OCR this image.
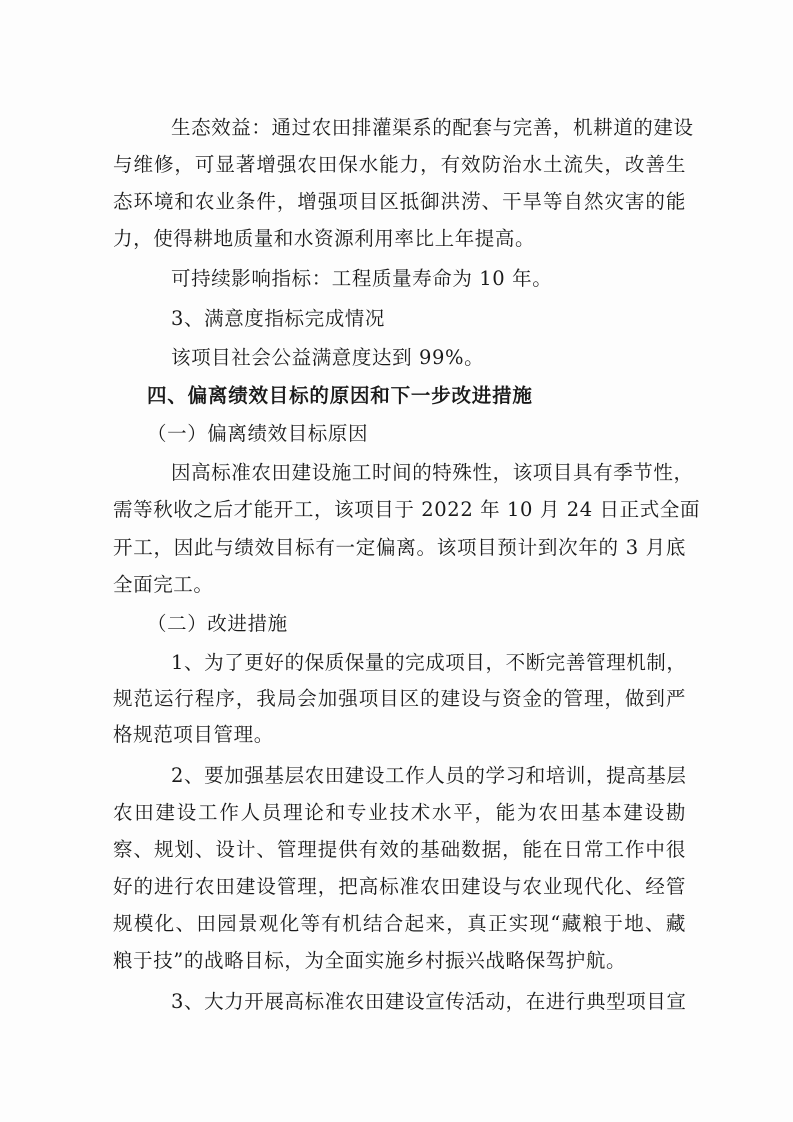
生态效益：通过农田排灌渠系的配套与完善，机耕道的建设
与维修，可显著增强农田保水能力，有效防治水土流失，改善生
态环境和农业条件，增强项目区抵御洪涝、干旱等自然灾害的能
力，使得耕地质量和水资源利用率比上年提高。
可持续影响指标：工程质量寿命为 10 年。
3、满意度指标完成情况
该项目社会公益满意度达到 99%。
四、偏离绩效目标的原因和下一步改进措施
（一）偏离绩效目标原因
因高标准农田建设施工时间的特殊性，该项目具有季节性，
需等秋收之后才能开工，该项目于 2022 年 10 月 24 日正式全面
开工，因此与绩效目标有一定偏离。该项目预计到次年的 3 月底
全面完工。
（二）改进措施
1、为了更好的保质保量的完成项目，不断完善管理机制，
规范运行程序，我局会加强项目区的建设与资金的管理，做到严
格规范项目管理。
2、要加强基层农田建设工作人员的学习和培训，提高基层
农田建设工作人员理论和专业技术水平，能为农田基本建设勘
察、规划、设计、管理提供有效的基础数据，能在日常工作中很
好的进行农田建设管理，把高标准农田建设与农业现代化、经管
规模化、田园景观化等有机结合起来，真正实现“藏粮于地、藏
粮于技”的战略目标，为全面实施乡村振兴战略保驾护航。
3、大力开展高标准农田建设宣传活动，在进行典型项目宣
